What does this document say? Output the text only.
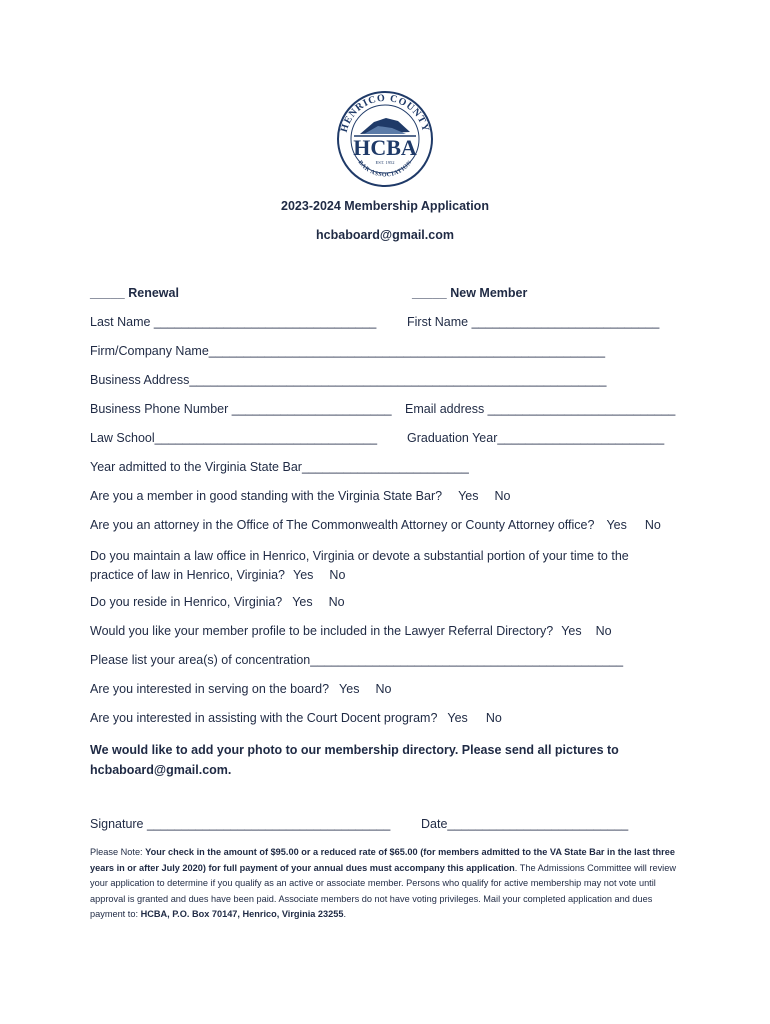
HENRICO COUNTY
HCBA
EST. 1952
BAR ASSOCIATION
2023-2024 Membership Application
hcbaboard@gmail.com
_____ Renewal	_____ New Member
Last Name ________________________________ First Name ___________________________
Firm/Company Name_________________________________________________________
Business Address____________________________________________________________
Business Phone Number _______________________ Email address ___________________________
Law School________________________________ Graduation Year________________________
Year admitted to the Virginia State Bar________________________
Are you a member in good standing with the Virginia State Bar? Yes No
Are you an attorney in the Office of The Commonwealth Attorney or County Attorney office? Yes No
Do you maintain a law office in Henrico, Virginia or devote a substantial portion of your time to the
practice of law in Henrico, Virginia? Yes No
Do you reside in Henrico, Virginia? Yes No
Would you like your member profile to be included in the Lawyer Referral Directory? Yes No
Please list your area(s) of concentration_____________________________________________
Are you interested in serving on the board? Yes No
Are you interested in assisting with the Court Docent program? Yes No
We would like to add your photo to our membership directory. Please send all pictures to
hcbaboard@gmail.com.
Signature ___________________________________ Date__________________________
Please Note: Your check in the amount of $95.00 or a reduced rate of $65.00 (for members admitted to the VA State Bar in the last three years in or after July 2020) for full payment of your annual dues must accompany this application. The Admissions Committee will review your application to determine if you qualify as an active or associate member. Persons who qualify for active membership may not vote until approval is granted and dues have been paid. Associate members do not have voting privileges. Mail your completed application and dues payment to: HCBA, P.O. Box 70147, Henrico, Virginia 23255.
